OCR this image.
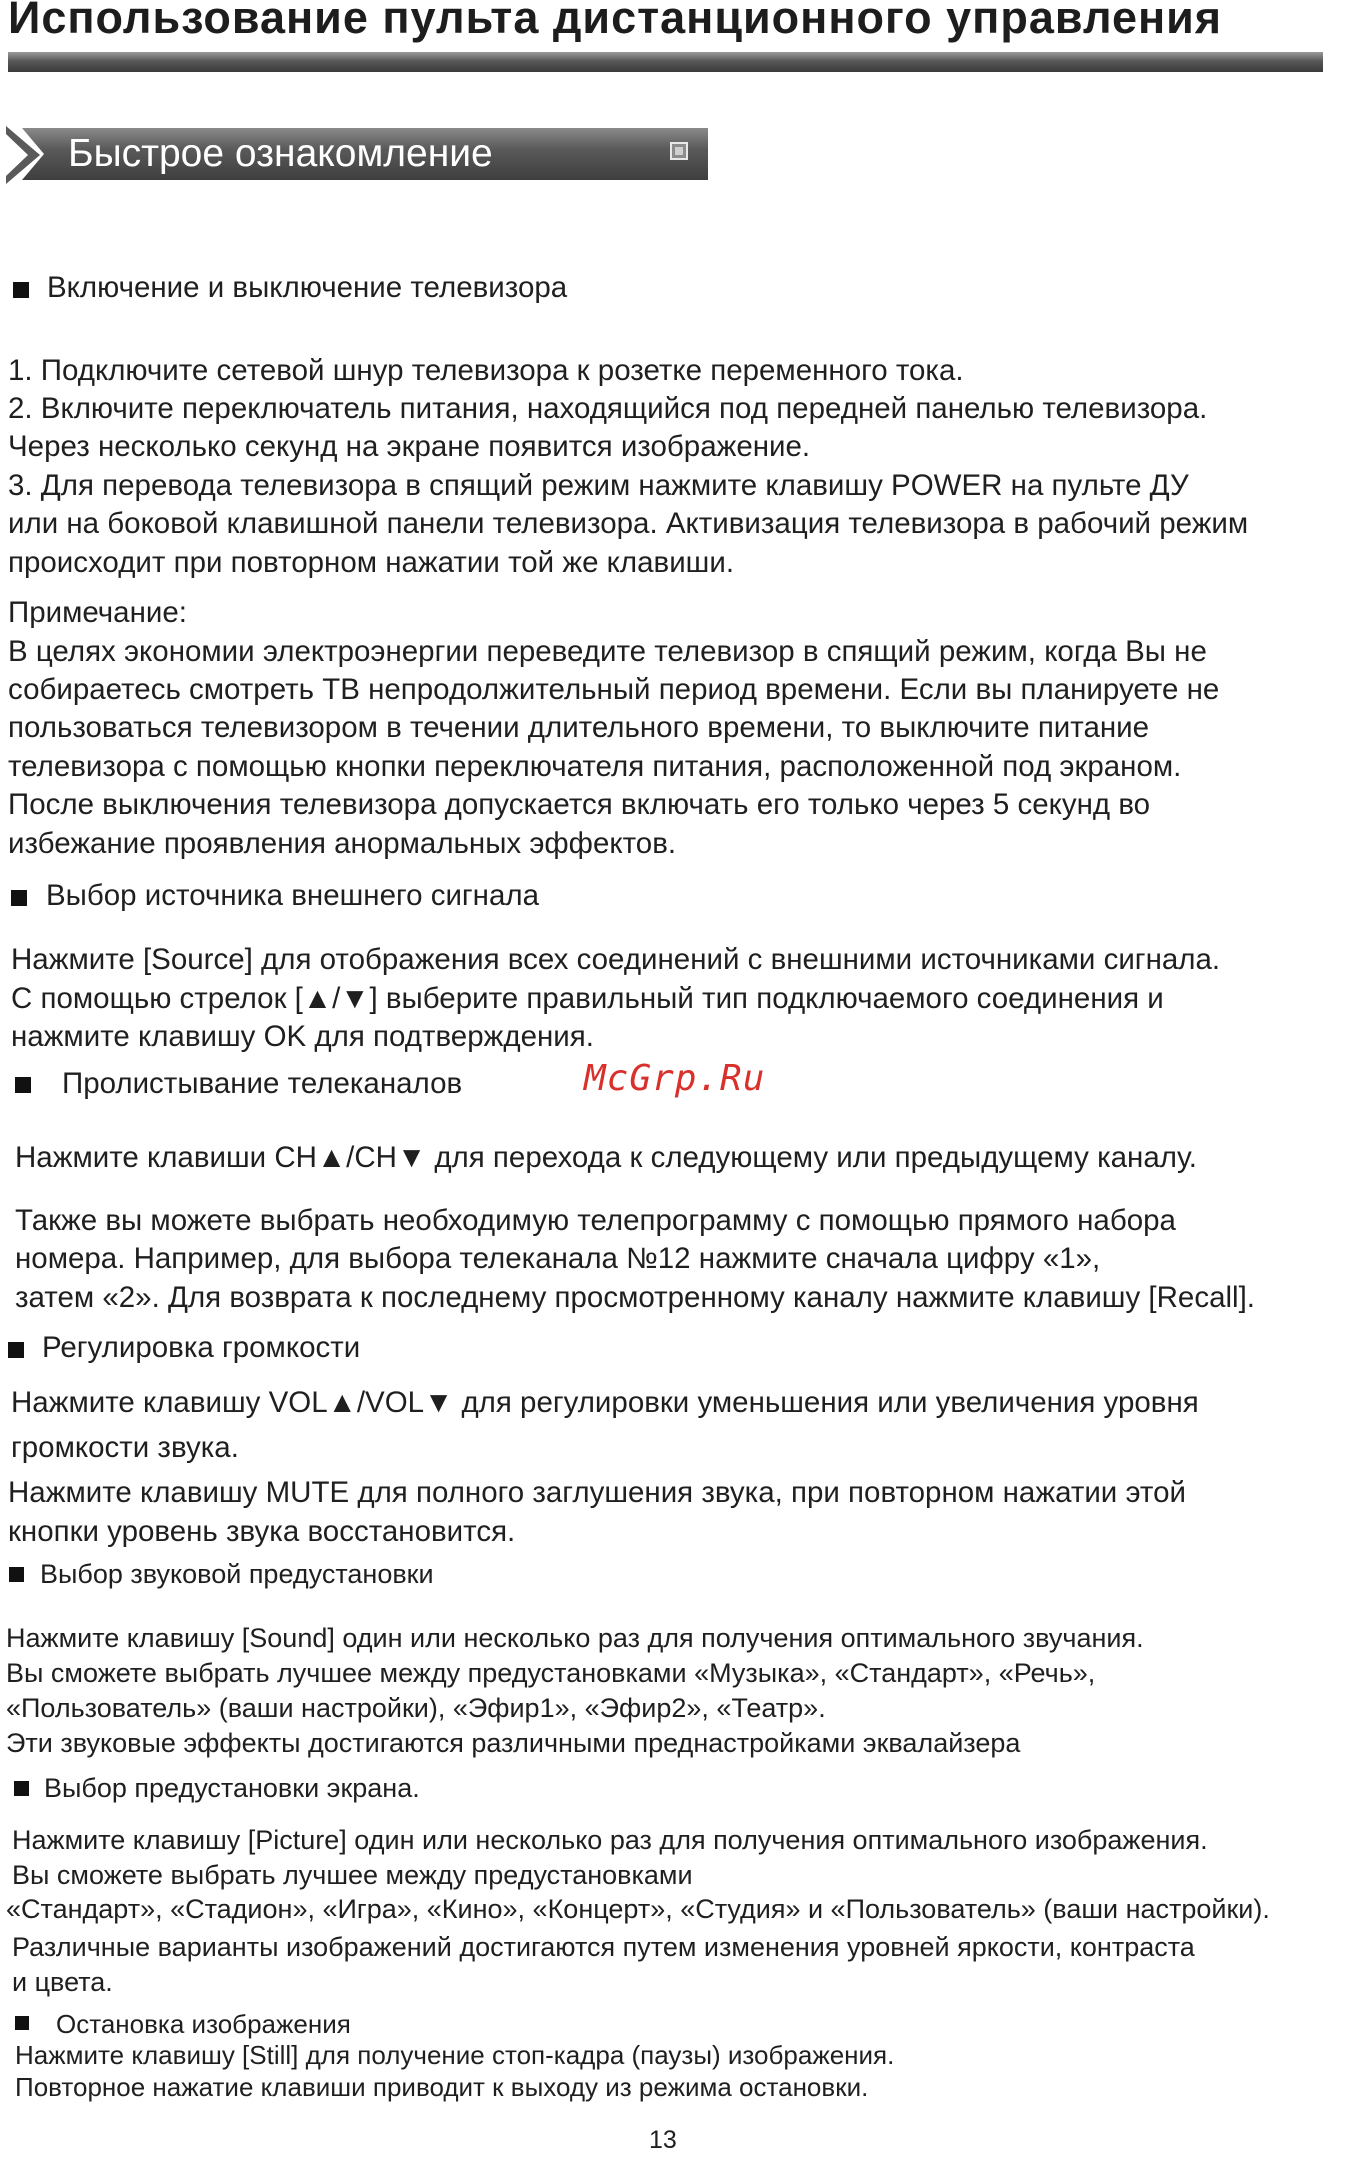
Использование пульта дистанционного управления
Быстрое ознакомление
Включение и выключение телевизора
1. Подключите сетевой шнур телевизора к розетке переменного тока.
2. Включите переключатель питания, находящийся под передней панелью телевизора.
Через несколько секунд на экране появится изображение.
3. Для перевода телевизора в спящий режим нажмите клавишу POWER на пульте ДУ
или на боковой клавишной панели телевизора. Активизация телевизора в рабочий режим
происходит при повторном нажатии той же клавиши.
Примечание:
В целях экономии электроэнергии переведите телевизор в спящий режим, когда Вы не
собираетесь смотреть ТВ непродолжительный период времени. Если вы планируете не
пользоваться телевизором в течении длительного времени, то выключите питание
телевизора с помощью кнопки переключателя питания, расположенной под экраном.
После выключения телевизора допускается включать его только через 5 секунд во
избежание проявления анормальных эффектов.
Выбор источника внешнего сигнала
Нажмите [Source] для отображения всех соединений с внешними источниками сигнала.
С помощью стрелок [▲/▼] выберите правильный тип подключаемого соединения и
нажмите клавишу OK для подтверждения.
Пролистывание телеканалов	McGrp.Ru
Нажмите клавиши CH▲/CH▼ для перехода к следующему или предыдущему каналу.
Также вы можете выбрать необходимую телепрограмму с помощью прямого набора
номера. Например, для выбора телеканала №12 нажмите сначала цифру «1»,
затем «2». Для возврата к последнему просмотренному каналу нажмите клавишу [Recall].
Регулировка громкости
Нажмите клавишу VOL▲/VOL▼ для регулировки уменьшения или увеличения уровня
громкости звука.
Нажмите клавишу MUTE для полного заглушения звука, при повторном нажатии этой
кнопки уровень звука восстановится.
Выбор звуковой предустановки
Нажмите клавишу [Sound] один или несколько раз для получения оптимального звучания.
Вы сможете выбрать лучшее между предустановками «Музыка», «Стандарт», «Речь»,
«Пользователь» (ваши настройки), «Эфир1», «Эфир2», «Театр».
Эти звуковые эффекты достигаются различными преднастройками эквалайзера
Выбор предустановки экрана.
Нажмите клавишу [Picture] один или несколько раз для получения оптимального изображения.
Вы сможете выбрать лучшее между предустановками
«Стандарт», «Стадион», «Игра», «Кино», «Концерт», «Студия» и «Пользователь» (ваши настройки).
Различные варианты изображений достигаются путем изменения уровней яркости, контраста
и цвета.
Остановка изображения
Нажмите клавишу [Still] для получение стоп-кадра (паузы) изображения.
Повторное нажатие клавиши приводит к выходу из режима остановки.
13
